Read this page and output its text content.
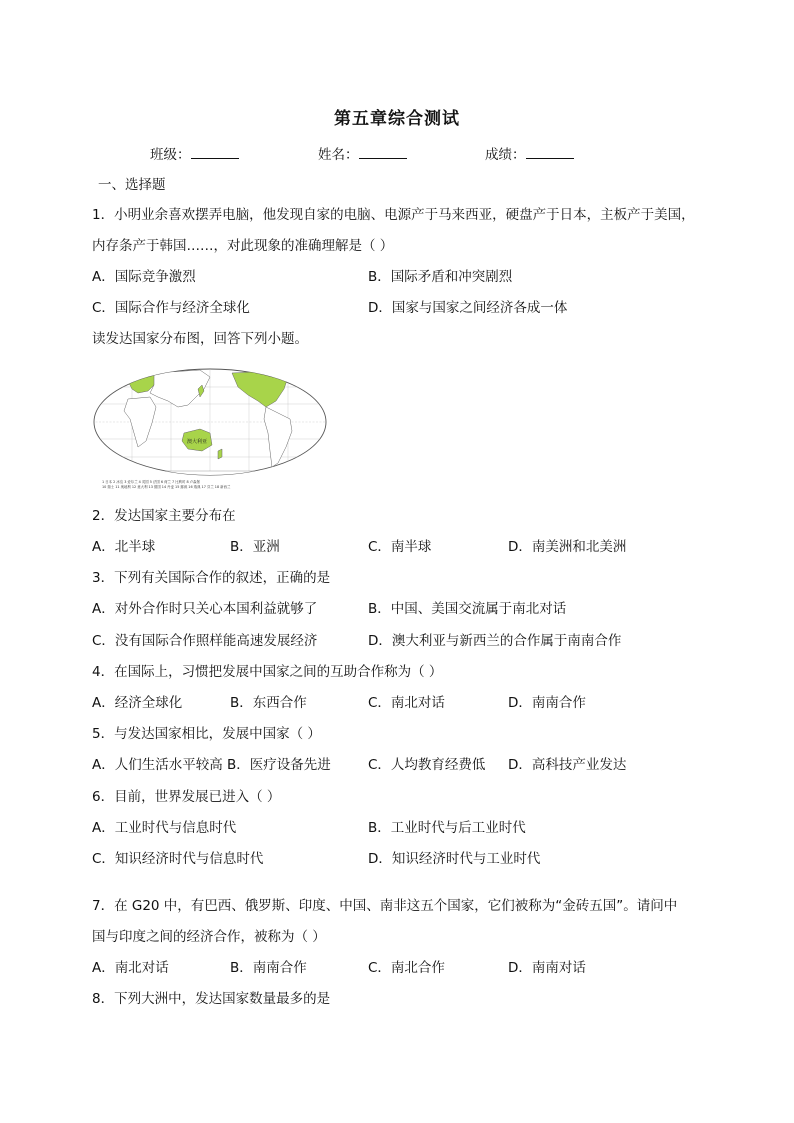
第五章综合测试
班级：	姓名：	成绩：
一、选择题
1．小明业余喜欢摆弄电脑，他发现自家的电脑、电源产于马来西亚，硬盘产于日本，主板产于美国，
内存条产于韩国……，对此现象的准确理解是（ ）
A．国际竞争激烈	B．国际矛盾和冲突剧烈
C．国际合作与经济全球化	D．国家与国家之间经济各成一体
读发达国家分布图，回答下列小题。
澳大利亚
1 日本 2 冰岛 3 爱尔兰 4 英国 5 法国 6 荷兰 7 比利时 8 卢森堡
10 瑞士 11 奥地利 12 意大利 13 德国 14 丹麦 15 挪威 16 瑞典 17 芬兰 18 新西兰
2．发达国家主要分布在
A．北半球	B．亚洲	C．南半球	D．南美洲和北美洲
3．下列有关国际合作的叙述，正确的是
A．对外合作时只关心本国利益就够了	B．中国、美国交流属于南北对话
C．没有国际合作照样能高速发展经济	D．澳大利亚与新西兰的合作属于南南合作
4．在国际上，习惯把发展中国家之间的互助合作称为（ ）
A．经济全球化	B．东西合作	C．南北对话	D．南南合作
5．与发达国家相比，发展中国家（ ）
A．人们生活水平较高 B．医疗设备先进	C．人均教育经费低 D．高科技产业发达
6．目前，世界发展已进入（ ）
A．工业时代与信息时代	B．工业时代与后工业时代
C．知识经济时代与信息时代	D．知识经济时代与工业时代
7．在 G20 中，有巴西、俄罗斯、印度、中国、南非这五个国家，它们被称为“金砖五国”。请问中
国与印度之间的经济合作，被称为（ ）
A．南北对话	B．南南合作	C．南北合作	D．南南对话
8．下列大洲中，发达国家数量最多的是
